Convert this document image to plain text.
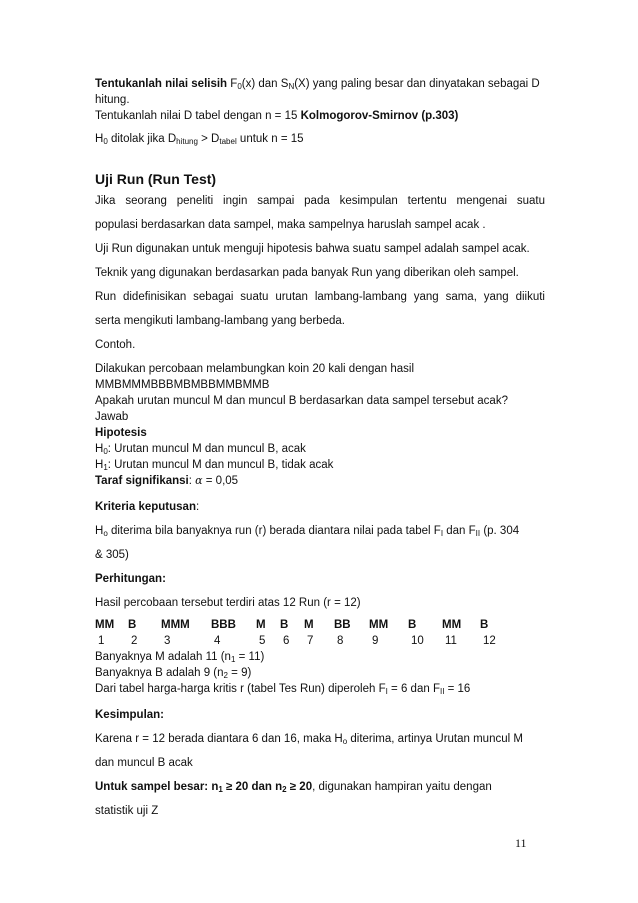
Tentukanlah nilai selisih $F_0(x)$ dan $S_N(X)$ yang paling besar dan dinyatakan sebagai D

hitung.

Tentukanlah nilai D tabel dengan n = 15 Kolmogorov-Smirnov (p.303)

$H_0$ ditolak jika $D_{hitung} > D_{tabel}$ untuk n = 15

Uji Run (Run Test)

Jika seorang peneliti ingin sampai pada kesimpulan tertentu mengenai suatu

populasi berdasarkan data sampel, maka sampelnya haruslah sampel acak .

Uji Run digunakan untuk menguji hipotesis bahwa suatu sampel adalah sampel acak.

Teknik yang digunakan berdasarkan pada banyak Run yang diberikan oleh sampel.

Run didefinisikan sebagai suatu urutan lambang-lambang yang sama, yang diikuti

serta mengikuti lambang-lambang yang berbeda.

Contoh.

Dilakukan percobaan melambungkan koin 20 kali dengan hasil

MMBMMMBBBMBMBBMMBMMB

Apakah urutan muncul M dan muncul B berdasarkan data sampel tersebut acak?

Jawab

Hipotesis

$H_0$: Urutan muncul M dan muncul B, acak

$H_1$: Urutan muncul M dan muncul B, tidak acak

Taraf signifikansi: α = 0,05

Kriteria keputusan:

$H_o$ diterima bila banyaknya run (r) berada diantara nilai pada tabel $F_I$ dan $F_{II}$ (p. 304

& 305)

Perhitungan:

Hasil percobaan tersebut terdiri atas 12 Run (r = 12)

MM	B	MMM	BBB	M	B	M	BB	MM	B	MM	B
1	2	3	4	5	6	7	8	9	10	11	12

Banyaknya M adalah 11 $(n_1 = 11)$

Banyaknya B adalah 9 $(n_2 = 9)$

Dari tabel harga-harga kritis r (tabel Tes Run) diperoleh $F_I = 6$ dan $F_{II} = 16$

Kesimpulan:

Karena r = 12 berada diantara 6 dan 16, maka $H_o$ diterima, artinya Urutan muncul M

dan muncul B acak

Untuk sampel besar: $n_1 \ge 20$ dan $n_2 \ge 20$, digunakan hampiran yaitu dengan

statistik uji Z

11
